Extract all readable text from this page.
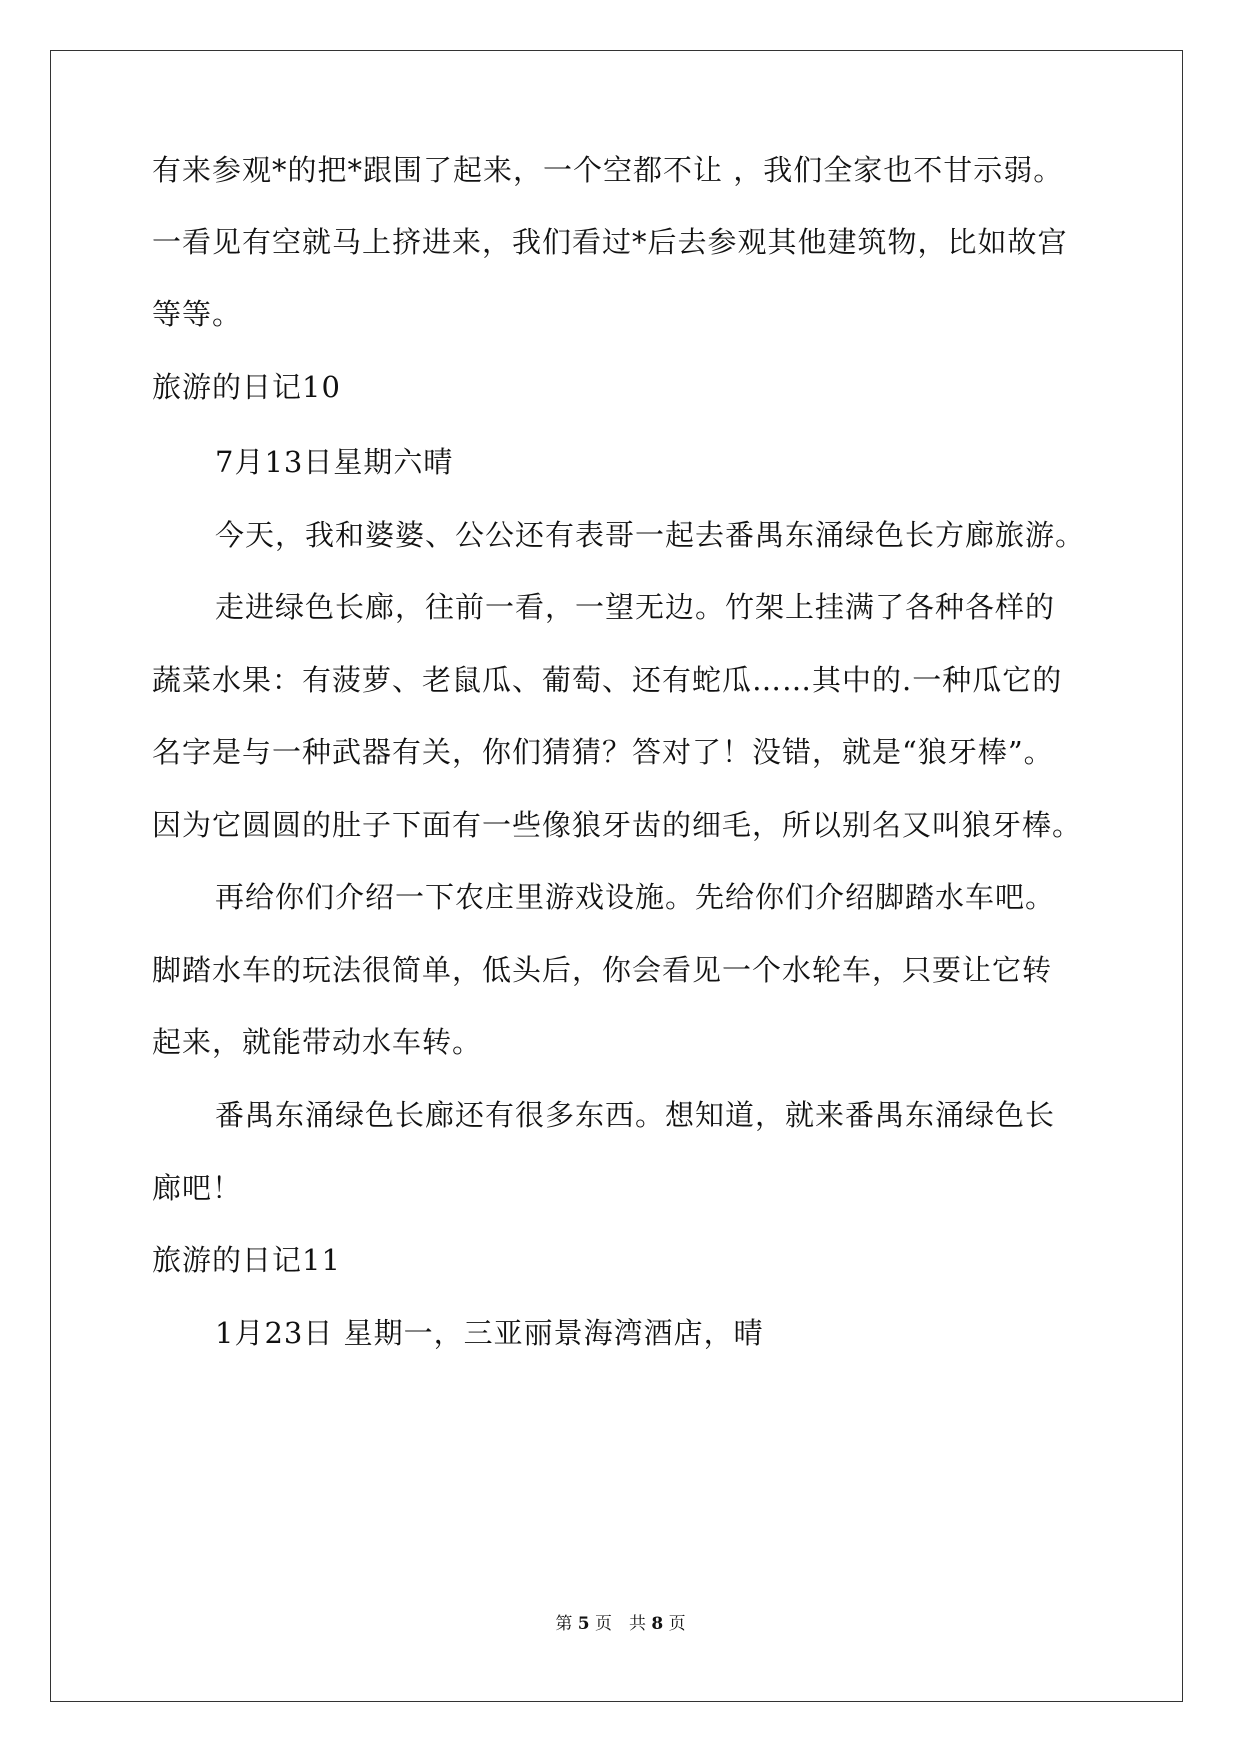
有来参观*的把*跟围了起来，一个空都不让 ，我们全家也不甘示弱。
一看见有空就马上挤进来，我们看过*后去参观其他建筑物，比如故宫
等等。
旅游的日记10
7月13日星期六晴
今天，我和婆婆、公公还有表哥一起去番禺东涌绿色长方廊旅游。
走进绿色长廊，往前一看，一望无边。竹架上挂满了各种各样的
蔬菜水果：有菠萝、老鼠瓜、葡萄、还有蛇瓜……其中的.一种瓜它的
名字是与一种武器有关，你们猜猜？答对了！没错，就是“狼牙棒”。
因为它圆圆的肚子下面有一些像狼牙齿的细毛，所以别名又叫狼牙棒。
再给你们介绍一下农庄里游戏设施。先给你们介绍脚踏水车吧。
脚踏水车的玩法很简单，低头后，你会看见一个水轮车，只要让它转
起来，就能带动水车转。
番禺东涌绿色长廊还有很多东西。想知道，就来番禺东涌绿色长
廊吧！
旅游的日记11
1月23日 星期一，三亚丽景海湾酒店，晴
第 5 页　共 8 页
